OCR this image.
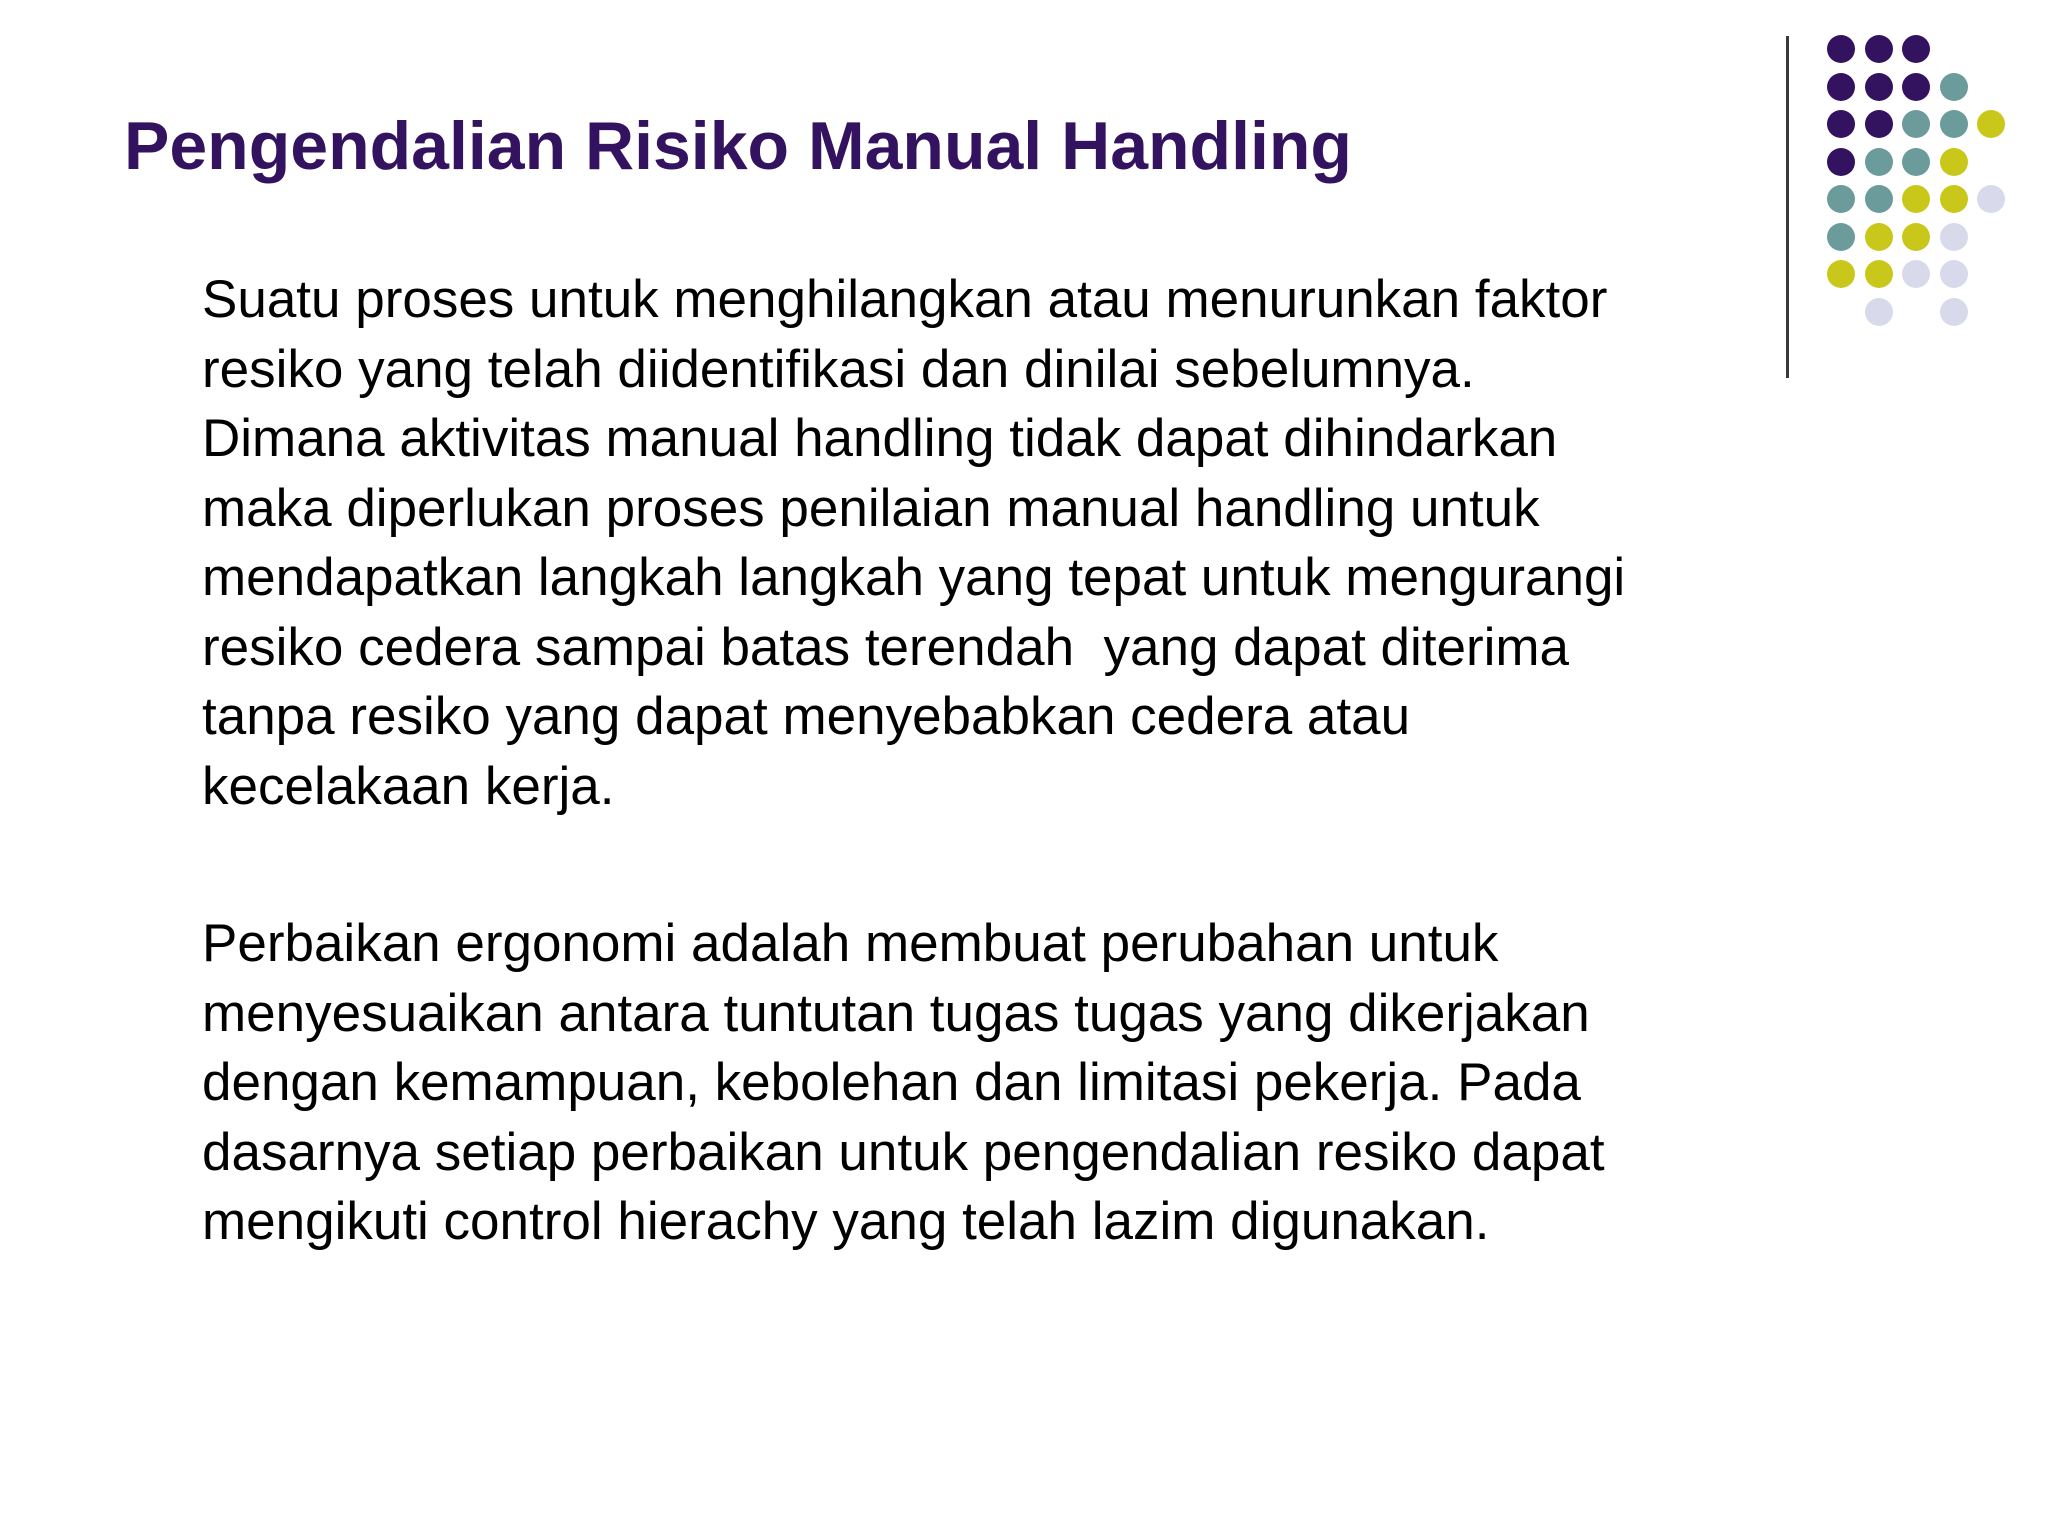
Pengendalian Risiko Manual Handling
Suatu proses untuk menghilangkan atau menurunkan faktor
resiko yang telah diidentifikasi dan dinilai sebelumnya.
Dimana aktivitas manual handling tidak dapat dihindarkan
maka diperlukan proses penilaian manual handling untuk
mendapatkan langkah langkah yang tepat untuk mengurangi
resiko cedera sampai batas terendah  yang dapat diterima
tanpa resiko yang dapat menyebabkan cedera atau
kecelakaan kerja.
Perbaikan ergonomi adalah membuat perubahan untuk
menyesuaikan antara tuntutan tugas tugas yang dikerjakan
dengan kemampuan, kebolehan dan limitasi pekerja. Pada
dasarnya setiap perbaikan untuk pengendalian resiko dapat
mengikuti control hierachy yang telah lazim digunakan.
